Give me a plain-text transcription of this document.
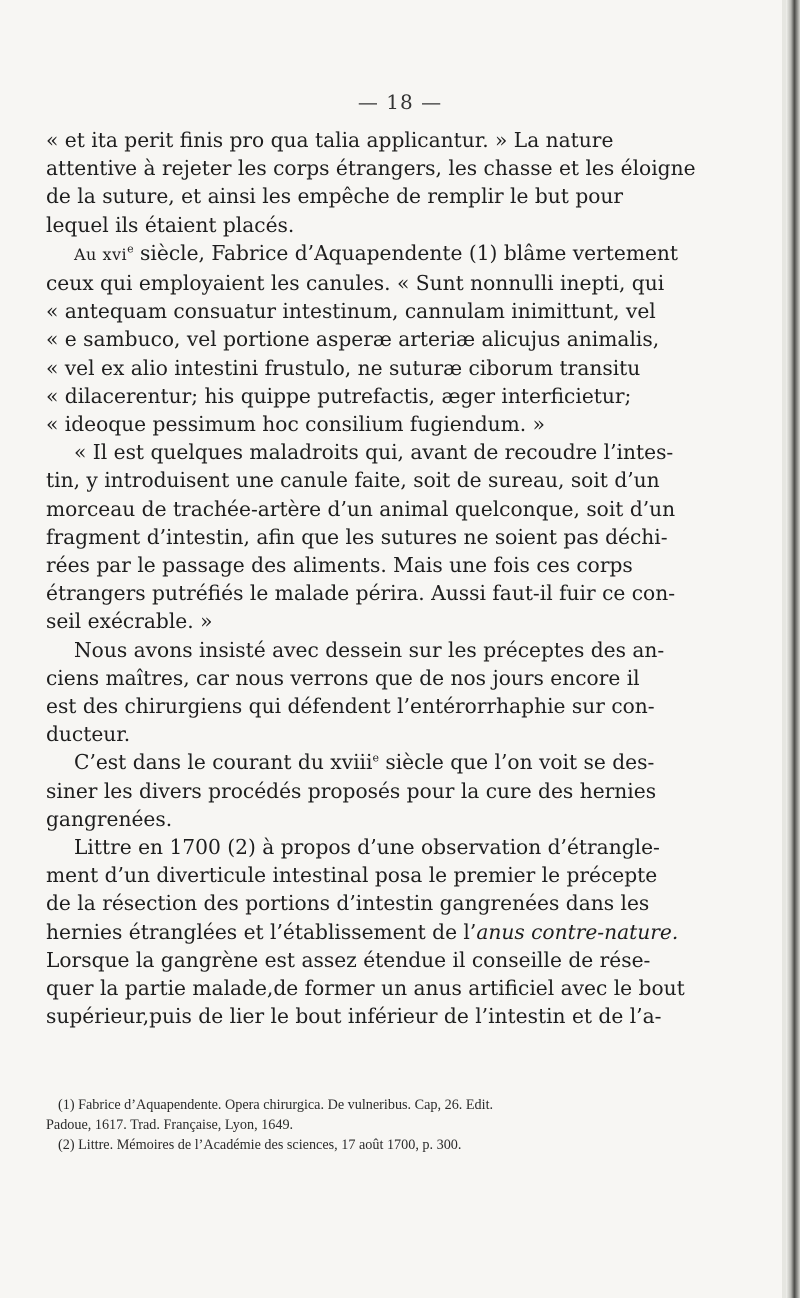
— 18 —
« et ita perit finis pro qua talia applicantur. » La nature
attentive à rejeter les corps étrangers, les chasse et les éloigne
de la suture, et ainsi les empêche de remplir le but pour
lequel ils étaient placés.
Au xvi$^e$ siècle, Fabrice d’Aquapendente (1) blâme vertement
ceux qui employaient les canules. « Sunt nonnulli inepti, qui
« antequam consuatur intestinum, cannulam inimittunt, vel
« e sambuco, vel portione asperæ arteriæ alicujus animalis,
« vel ex alio intestini frustulo, ne suturæ ciborum transitu
« dilacerentur; his quippe putrefactis, æger interficietur;
« ideoque pessimum hoc consilium fugiendum. »
« Il est quelques maladroits qui, avant de recoudre l’intes-
tin, y introduisent une canule faite, soit de sureau, soit d’un
morceau de trachée-artère d’un animal quelconque, soit d’un
fragment d’intestin, afin que les sutures ne soient pas déchi-
rées par le passage des aliments. Mais une fois ces corps
étrangers putréfiés le malade périra. Aussi faut-il fuir ce con-
seil exécrable. »
Nous avons insisté avec dessein sur les préceptes des an-
ciens maîtres, car nous verrons que de nos jours encore il
est des chirurgiens qui défendent l’entérorrhaphie sur con-
ducteur.
C’est dans le courant du xviii$^e$ siècle que l’on voit se des-
siner les divers procédés proposés pour la cure des hernies
gangrenées.
Littre en 1700 (2) à propos d’une observation d’étrangle-
ment d’un diverticule intestinal posa le premier le précepte
de la résection des portions d’intestin gangrenées dans les
hernies étranglées et l’établissement de l’anus contre-nature.
Lorsque la gangrène est assez étendue il conseille de rése-
quer la partie malade,de former un anus artificiel avec le bout
supérieur,puis de lier le bout inférieur de l’intestin et de l’a-
(1) Fabrice d’Aquapendente. Opera chirurgica. De vulneribus. Cap, 26. Edit.
Padoue, 1617. Trad. Française, Lyon, 1649.
(2) Littre. Mémoires de l’Académie des sciences, 17 août 1700, p. 300.
